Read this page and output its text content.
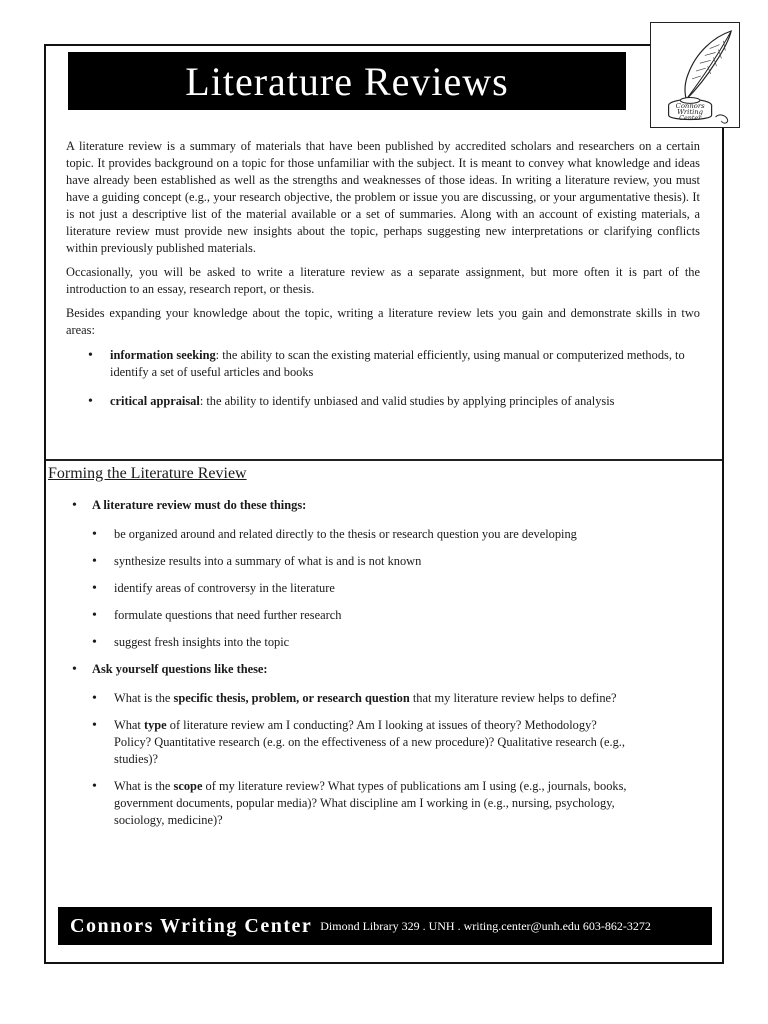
Literature Reviews
Connors
Writing
Center

A literature review is a summary of materials that have been published by accredited scholars and researchers on a certain topic. It provides background on a topic for those unfamiliar with the subject. It is meant to convey what knowledge and ideas have already been established as well as the strengths and weaknesses of those ideas. In writing a literature review, you must have a guiding concept (e.g., your research objective, the problem or issue you are discussing, or your argumentative thesis). It is not just a descriptive list of the material available or a set of summaries. Along with an account of existing materials, a literature review must provide new insights about the topic, perhaps suggesting new interpretations or clarifying conflicts within previously published materials.

Occasionally, you will be asked to write a literature review as a separate assignment, but more often it is part of the introduction to an essay, research report, or thesis.

Besides expanding your knowledge about the topic, writing a literature review lets you gain and demonstrate skills in two areas:

• information seeking: the ability to scan the existing material efficiently, using manual or computerized methods, to identify a set of useful articles and books
• critical appraisal: the ability to identify unbiased and valid studies by applying principles of analysis
Forming the Literature Review
• A literature review must do these things:
• be organized around and related directly to the thesis or research question you are developing
• synthesize results into a summary of what is and is not known
• identify areas of controversy in the literature
• formulate questions that need further research
• suggest fresh insights into the topic
• Ask yourself questions like these:
• What is the specific thesis, problem, or research question that my literature review helps to define?
• What type of literature review am I conducting? Am I looking at issues of theory? Methodology? Policy? Quantitative research (e.g. on the effectiveness of a new procedure)? Qualitative research (e.g., studies)?
• What is the scope of my literature review? What types of publications am I using (e.g., journals, books, government documents, popular media)? What discipline am I working in (e.g., nursing, psychology, sociology, medicine)?
Connors Writing Center Dimond Library 329 . UNH . writing.center@unh.edu 603-862-3272
